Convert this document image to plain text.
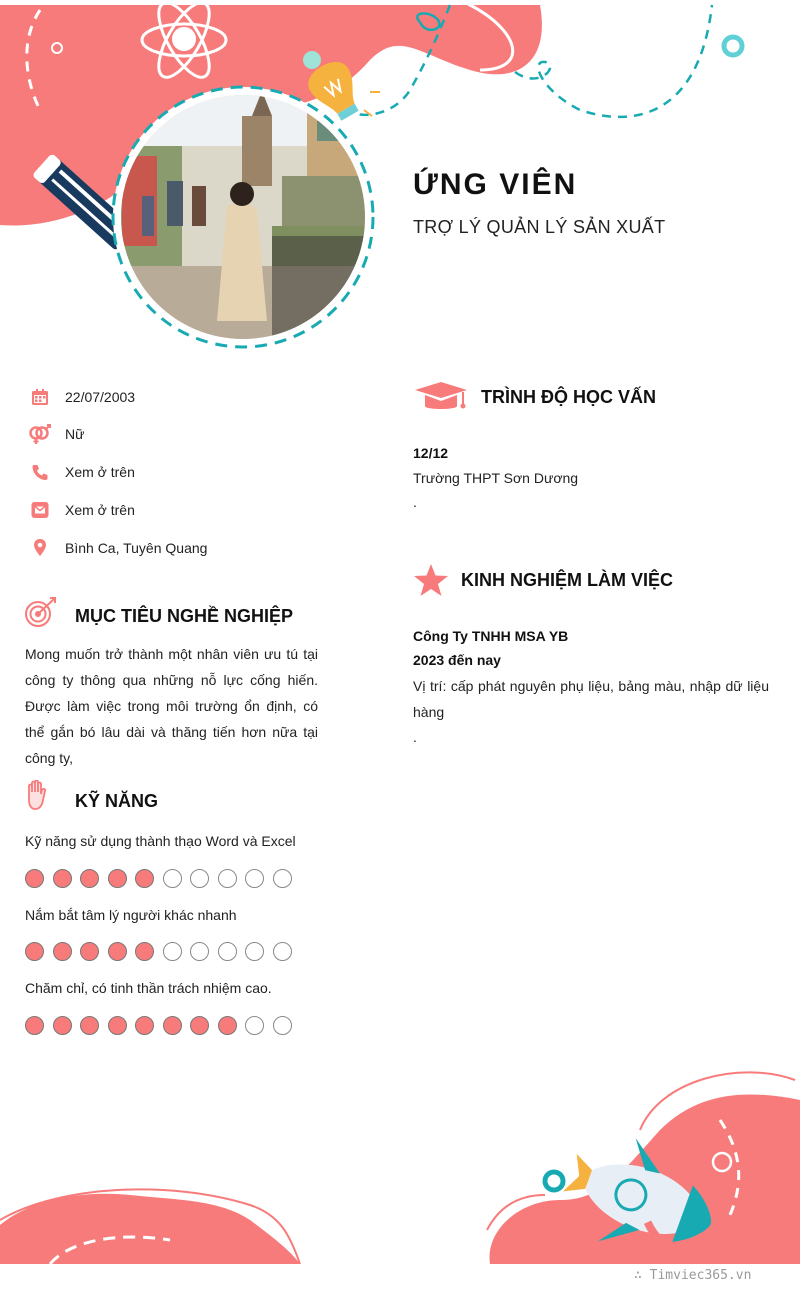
ỨNG VIÊN
TRỢ LÝ QUẢN LÝ SẢN XUẤT
22/07/2003
Nữ
Xem ở trên
Xem ở trên
Bình Ca, Tuyên Quang
MỤC TIÊU NGHỀ NGHIỆP
Mong muốn trở thành một nhân viên ưu tú tại công ty thông qua những nỗ lực cống hiến. Được làm việc trong môi trường ổn định, có thể gắn bó lâu dài và thăng tiến hơn nữa tại công ty,
KỸ NĂNG
Kỹ năng sử dụng thành thạo Word và Excel
Nắm bắt tâm lý người khác nhanh
Chăm chỉ, có tinh thần trách nhiệm cao.
TRÌNH ĐỘ HỌC VẤN
12/12
Trường THPT Sơn Dương
.
KINH NGHIỆM LÀM VIỆC
Công Ty TNHH MSA YB
2023 đến nay
Vị trí: cấp phát nguyên phụ liệu, bảng màu, nhập dữ liệu hàng
.
∴ Timviec365.vn
